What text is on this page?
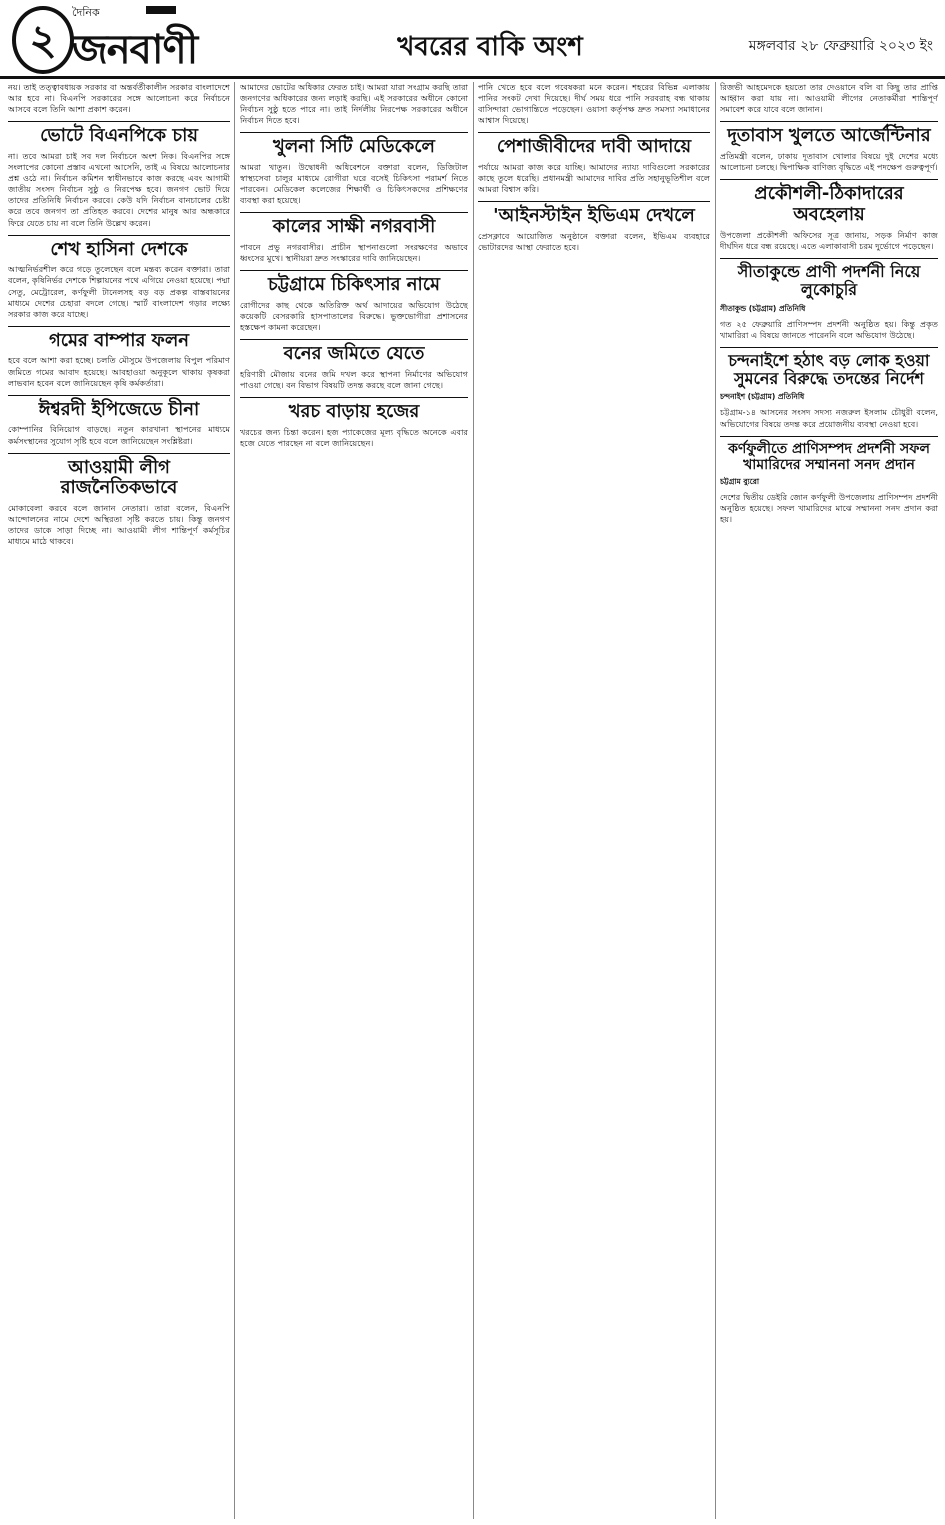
২
দৈনিক
জনবাণী	খবরের বাকি অংশ	মঙ্গলবার ২৮ ফেব্রুয়ারি ২০২৩ ইং

নয়। তাই তত্ত্বাবধায়ক সরকার বা অন্তর্বর্তীকালীন সরকার বাংলাদেশে আর হবে না। বিএনপি সরকারের সঙ্গে আলোচনা করে নির্বাচনে আসবে বলে তিনি আশা প্রকাশ করেন।

ভোটে বিএনপিকে চায়

না। তবে আমরা চাই সব দল নির্বাচনে অংশ নিক। বিএনপির সঙ্গে সংলাপের কোনো প্রস্তাব এখনো আসেনি, তাই এ বিষয়ে আলোচনার প্রশ্ন ওঠে না। নির্বাচন কমিশন স্বাধীনভাবে কাজ করছে এবং আগামী জাতীয় সংসদ নির্বাচন সুষ্ঠু ও নিরপেক্ষ হবে। জনগণ ভোট দিয়ে তাদের প্রতিনিধি নির্বাচন করবে। কেউ যদি নির্বাচন বানচালের চেষ্টা করে তবে জনগণ তা প্রতিহত করবে। দেশের মানুষ আর অন্ধকারে ফিরে যেতে চায় না বলে তিনি উল্লেখ করেন।

শেখ হাসিনা দেশকে

আত্মনির্ভরশীল করে গড়ে তুলেছেন বলে মন্তব্য করেন বক্তারা। তারা বলেন, কৃষিনির্ভর দেশকে শিল্পায়নের পথে এগিয়ে নেওয়া হয়েছে। পদ্মা সেতু, মেট্রোরেল, কর্ণফুলী টানেলসহ বড় বড় প্রকল্প বাস্তবায়নের মাধ্যমে দেশের চেহারা বদলে গেছে। স্মার্ট বাংলাদেশ গড়ার লক্ষ্যে সরকার কাজ করে যাচ্ছে।

গমের বাম্পার ফলন

হবে বলে আশা করা হচ্ছে। চলতি মৌসুমে উপজেলায় বিপুল পরিমাণ জমিতে গমের আবাদ হয়েছে। আবহাওয়া অনুকূলে থাকায় কৃষকরা লাভবান হবেন বলে জানিয়েছেন কৃষি কর্মকর্তারা।

ঈশ্বরদী ইপিজেডে চীনা

কোম্পানির বিনিয়োগ বাড়ছে। নতুন কারখানা স্থাপনের মাধ্যমে কর্মসংস্থানের সুযোগ সৃষ্টি হবে বলে জানিয়েছেন সংশ্লিষ্টরা।

আওয়ামী লীগ রাজনৈতিকভাবে

মোকাবেলা করবে বলে জানান নেতারা। তারা বলেন, বিএনপি আন্দোলনের নামে দেশে অস্থিরতা সৃষ্টি করতে চায়। কিন্তু জনগণ তাদের ডাকে সাড়া দিচ্ছে না। আওয়ামী লীগ শান্তিপূর্ণ কর্মসূচির মাধ্যমে মাঠে থাকবে।

আমাদের ভোটের অধিকার ফেরত চাই। আমরা যারা সংগ্রাম করছি তারা জনগণের অধিকারের জন্য লড়াই করছি। এই সরকারের অধীনে কোনো নির্বাচন সুষ্ঠু হতে পারে না। তাই নির্দলীয় নিরপেক্ষ সরকারের অধীনে নির্বাচন দিতে হবে।

খুলনা সিটি মেডিকেলে

আমরা খাতুন। উদ্বোধনী অধিবেশনে বক্তারা বলেন, ডিজিটাল স্বাস্থ্যসেবা চালুর মাধ্যমে রোগীরা ঘরে বসেই চিকিৎসা পরামর্শ নিতে পারবেন। মেডিকেল কলেজের শিক্ষার্থী ও চিকিৎসকদের প্রশিক্ষণের ব্যবস্থা করা হয়েছে।

কালের সাক্ষী নগরবাসী

পাবনে প্রভু নগরবাসীর। প্রাচীন স্থাপনাগুলো সংরক্ষণের অভাবে ধ্বংসের মুখে। স্থানীয়রা দ্রুত সংস্কারের দাবি জানিয়েছেন।

চট্টগ্রামে চিকিৎসার নামে

রোগীদের কাছ থেকে অতিরিক্ত অর্থ আদায়ের অভিযোগ উঠেছে কয়েকটি বেসরকারি হাসপাতালের বিরুদ্ধে। ভুক্তভোগীরা প্রশাসনের হস্তক্ষেপ কামনা করেছেন।

বনের জমিতে যেতে

হরিণারী মৌজায় বনের জমি দখল করে স্থাপনা নির্মাণের অভিযোগ পাওয়া গেছে। বন বিভাগ বিষয়টি তদন্ত করছে বলে জানা গেছে।

খরচ বাড়ায় হজের

খরচের জন্য চিন্তা করেন। হজ প্যাকেজের মূল্য বৃদ্ধিতে অনেকে এবার হজে যেতে পারছেন না বলে জানিয়েছেন।

পানি খেতে হবে বলে গবেষকরা মনে করেন। শহরের বিভিন্ন এলাকায় পানির সংকট দেখা দিয়েছে। দীর্ঘ সময় ধরে পানি সরবরাহ বন্ধ থাকায় বাসিন্দারা ভোগান্তিতে পড়েছেন। ওয়াসা কর্তৃপক্ষ দ্রুত সমস্যা সমাধানের আশ্বাস দিয়েছে।

পেশাজীবীদের দাবী আদায়ে

পর্যায়ে আমরা কাজ করে যাচ্ছি। আমাদের ন্যায্য দাবিগুলো সরকারের কাছে তুলে ধরেছি। প্রধানমন্ত্রী আমাদের দাবির প্রতি সহানুভূতিশীল বলে আমরা বিশ্বাস করি।

'আইনস্টাইন ইভিএম দেখলে

প্রেসক্লাবে আয়োজিত অনুষ্ঠানে বক্তারা বলেন, ইভিএম ব্যবহারে ভোটারদের আস্থা ফেরাতে হবে।

রিজভী আহমেদকে হয়তো তার দেওয়ানে বলি বা কিছু তার প্রাপ্তি আহ্বান করা যায় না। আওয়ামী লীগের নেতাকর্মীরা শান্তিপূর্ণ সমাবেশ করে যাবে বলে জানান।

দূতাবাস খুলতে আর্জেন্টিনার

প্রতিমন্ত্রী বলেন, ঢাকায় দূতাবাস খোলার বিষয়ে দুই দেশের মধ্যে আলোচনা চলছে। দ্বিপাক্ষিক বাণিজ্য বৃদ্ধিতে এই পদক্ষেপ গুরুত্বপূর্ণ।

প্রকৌশলী-ঠিকাদারের অবহেলায়

উপজেলা প্রকৌশলী অফিসের সূত্র জানায়, সড়ক নির্মাণ কাজ দীর্ঘদিন ধরে বন্ধ রয়েছে। এতে এলাকাবাসী চরম দুর্ভোগে পড়েছেন।

সীতাকুন্ডে প্রাণী পদর্শনী নিয়ে লুকোচুরি

সীতাকুন্ড (চট্টগ্রাম) প্রতিনিধি

গত ২৫ ফেব্রুয়ারি প্রাণিসম্পদ প্রদর্শনী অনুষ্ঠিত হয়। কিন্তু প্রকৃত খামারিরা এ বিষয়ে জানতে পারেননি বলে অভিযোগ উঠেছে।

চন্দনাইশে হঠাৎ বড় লোক হওয়া সুমনের বিরুদ্ধে তদন্তের নির্দেশ

চন্দনাইশ (চট্টগ্রাম) প্রতিনিধি

চট্টগ্রাম-১৪ আসনের সংসদ সদস্য নজরুল ইসলাম চৌধুরী বলেন, অভিযোগের বিষয়ে তদন্ত করে প্রয়োজনীয় ব্যবস্থা নেওয়া হবে।

কর্ণফুলীতে প্রাণিসম্পদ প্রদর্শনী সফল খামারিদের সম্মাননা সনদ প্রদান

চট্টগ্রাম ব্যুরো

দেশের দ্বিতীয় ডেইরি জোন কর্ণফুলী উপজেলায় প্রাণিসম্পদ প্রদর্শনী অনুষ্ঠিত হয়েছে। সফল খামারিদের মাঝে সম্মাননা সনদ প্রদান করা হয়।
